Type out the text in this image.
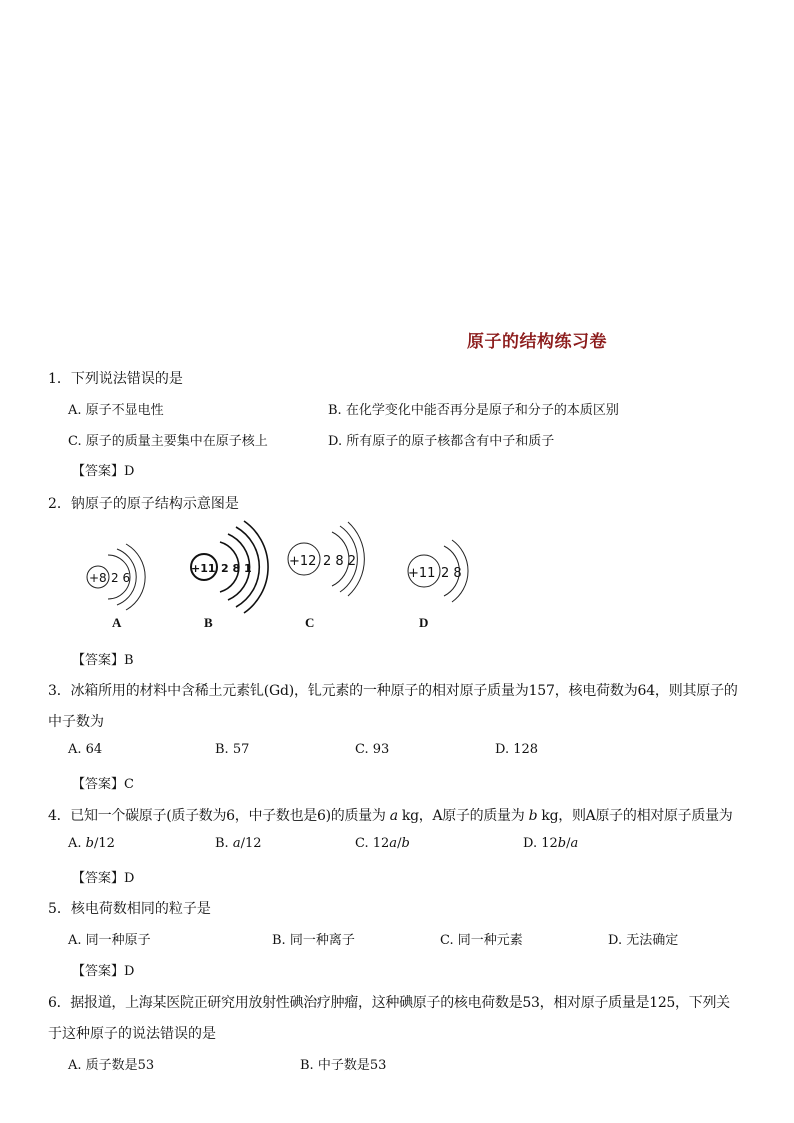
原子的结构练习卷
1．下列说法错误的是
A. 原子不显电性	B. 在化学变化中能否再分是原子和分子的本质区别
C. 原子的质量主要集中在原子核上	D. 所有原子的原子核都含有中子和质子
【答案】D
2．钠原子的原子结构示意图是
+8 2 6
+11 2 8 1	+12 2 8 2
+11 2 8
A	B	C	D
【答案】B
3．冰箱所用的材料中含稀土元素钆(Gd)，钆元素的一种原子的相对原子质量为157，核电荷数为64，则其原子的
中子数为
A. 64	B. 57	C. 93	D. 128
【答案】C
4．已知一个碳原子(质子数为6，中子数也是6)的质量为 a kg，A原子的质量为 b kg，则A原子的相对原子质量为
A. b/12	B. a/12	C. 12a/b	D. 12b/a
【答案】D
5．核电荷数相同的粒子是
A. 同一种原子	B. 同一种离子	C. 同一种元素	D. 无法确定
【答案】D
6．据报道，上海某医院正研究用放射性碘治疗肿瘤，这种碘原子的核电荷数是53，相对原子质量是125，下列关
于这种原子的说法错误的是
A. 质子数是53	B. 中子数是53
